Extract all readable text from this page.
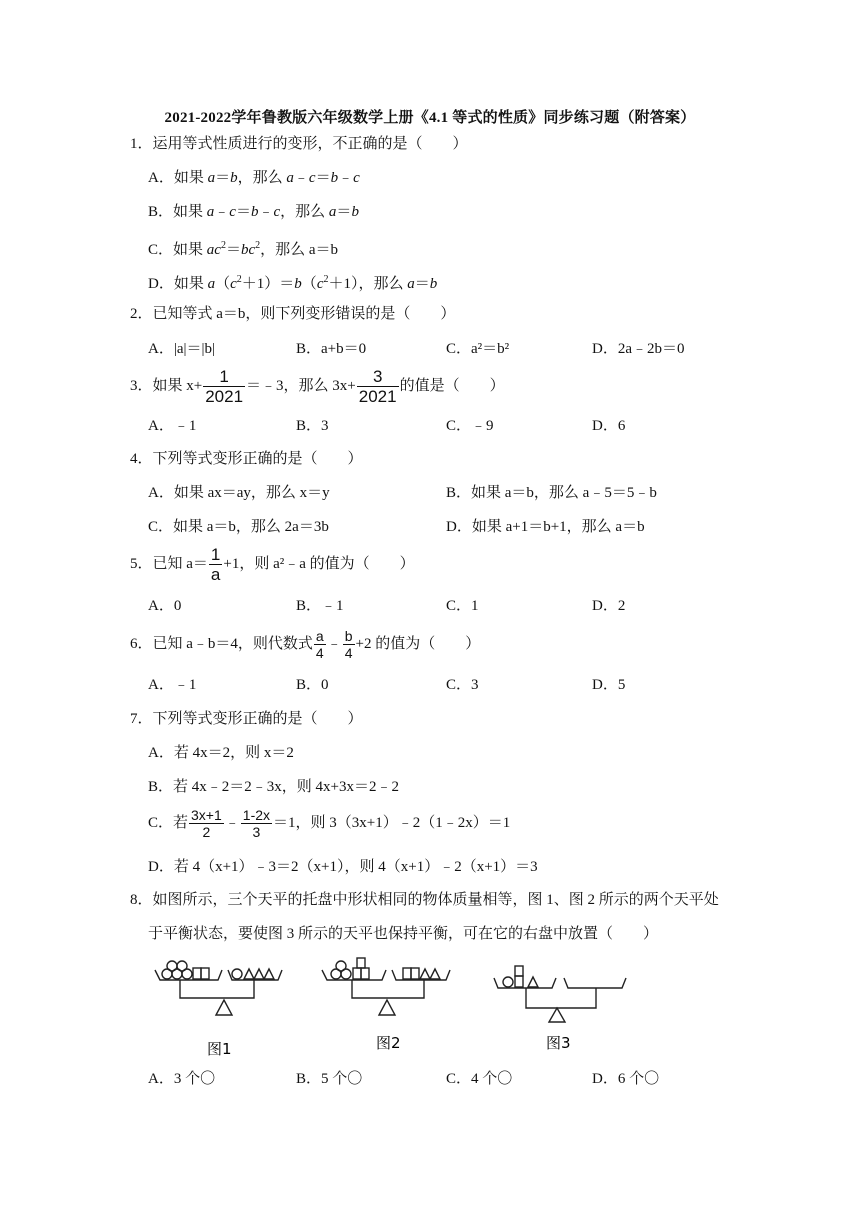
2021-2022学年鲁教版六年级数学上册《4.1 等式的性质》同步练习题（附答案）
1．运用等式性质进行的变形，不正确的是（　　）
A．如果 a＝b，那么 a﹣c＝b﹣c
B．如果 a﹣c＝b﹣c，那么 a＝b
C．如果 $ac^2=bc^2$，那么 a＝b
D．如果 $a(c^2+1)=b(c^2+1)$，那么 a＝b
2．已知等式 a＝b，则下列变形错误的是（　　）
A．|a|＝|b|	B．a+b＝0	C．a²＝b²	D．2a﹣2b＝0
3．如果 $x+ \frac{1}{2021}$ ＝﹣3，那么 $3x+ \frac{3}{2021}$ 的值是（　　）
A．﹣1	B．3	C．﹣9	D．6
4．下列等式变形正确的是（　　）
A．如果 ax＝ay，那么 x＝y	B．如果 a＝b，那么 a﹣5＝5﹣b
C．如果 a＝b，那么 2a＝3b	D．如果 a+1＝b+1，那么 a＝b
5．已知 $a= \frac{1}{a} +1$，则 a²﹣a 的值为（　　）
A．0	B．﹣1	C．1	D．2
6．已知 a﹣b＝4，则代数式 $\frac{a}{4}$ ﹣ $\frac{b}{4} +2$ 的值为（　　）
A．﹣1	B．0	C．3	D．5
7．下列等式变形正确的是（　　）
A．若 4x＝2，则 x＝2
B．若 4x﹣2＝2﹣3x，则 4x+3x＝2﹣2
C．若 $\frac{3x+1}{2}$ ﹣ $\frac{1-2x}{3} =1$，则 3（3x+1）﹣2（1﹣2x）＝1
D．若 4（x+1）﹣3＝2（x+1），则 4（x+1）﹣2（x+1）＝3
8．如图所示，三个天平的托盘中形状相同的物体质量相等，图 1、图 2 所示的两个天平处
于平衡状态，要使图 3 所示的天平也保持平衡，可在它的右盘中放置（　　）
图1	图2	图3
A．3 个〇	B．5 个〇	C．4 个〇	D．6 个〇
